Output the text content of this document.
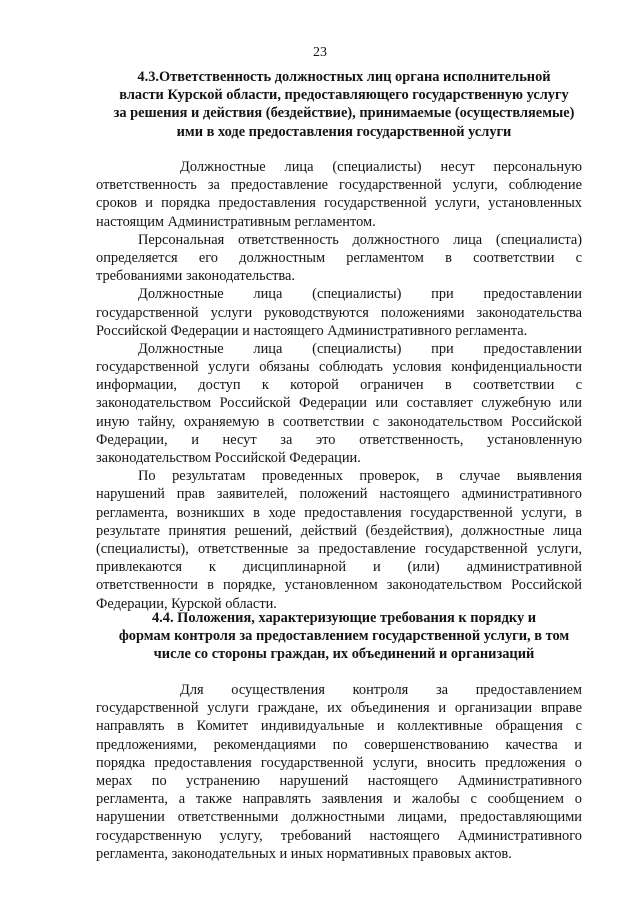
23
4.3.Ответственность должностных лиц органа исполнительной
власти Курской области, предоставляющего государственную услугу
за решения и действия (бездействие), принимаемые (осуществляемые)
ими в ходе предоставления государственной услуги
Должностные лица (специалисты) несут персональную
ответственность за предоставление государственной услуги, соблюдение
сроков и порядка предоставления государственной услуги, установленных
настоящим Административным регламентом.
Персональная ответственность должностного лица (специалиста)
определяется его должностным регламентом в соответствии с
требованиями законодательства.
Должностные лица (специалисты) при предоставлении
государственной услуги руководствуются положениями законодательства
Российской Федерации и настоящего Административного регламента.
Должностные лица (специалисты) при предоставлении
государственной услуги обязаны соблюдать условия конфиденциальности
информации, доступ к которой ограничен в соответствии с
законодательством Российской Федерации или составляет служебную или
иную тайну, охраняемую в соответствии с законодательством Российской
Федерации, и несут за это ответственность, установленную
законодательством Российской Федерации.
По результатам проведенных проверок, в случае выявления
нарушений прав заявителей, положений настоящего административного
регламента, возникших в ходе предоставления государственной услуги, в
результате принятия решений, действий (бездействия), должностные лица
(специалисты), ответственные за предоставление государственной услуги,
привлекаются к дисциплинарной и (или) административной
ответственности в порядке, установленном законодательством Российской
Федерации, Курской области.
4.4. Положения, характеризующие требования к порядку и
формам контроля за предоставлением государственной услуги, в том
числе со стороны граждан, их объединений и организаций
Для осуществления контроля за предоставлением
государственной услуги граждане, их объединения и организации вправе
направлять в Комитет индивидуальные и коллективные обращения с
предложениями, рекомендациями по совершенствованию качества и
порядка предоставления государственной услуги, вносить предложения о
мерах по устранению нарушений настоящего Административного
регламента, а также направлять заявления и жалобы с сообщением о
нарушении ответственными должностными лицами, предоставляющими
государственную услугу, требований настоящего Административного
регламента, законодательных и иных нормативных правовых актов.
